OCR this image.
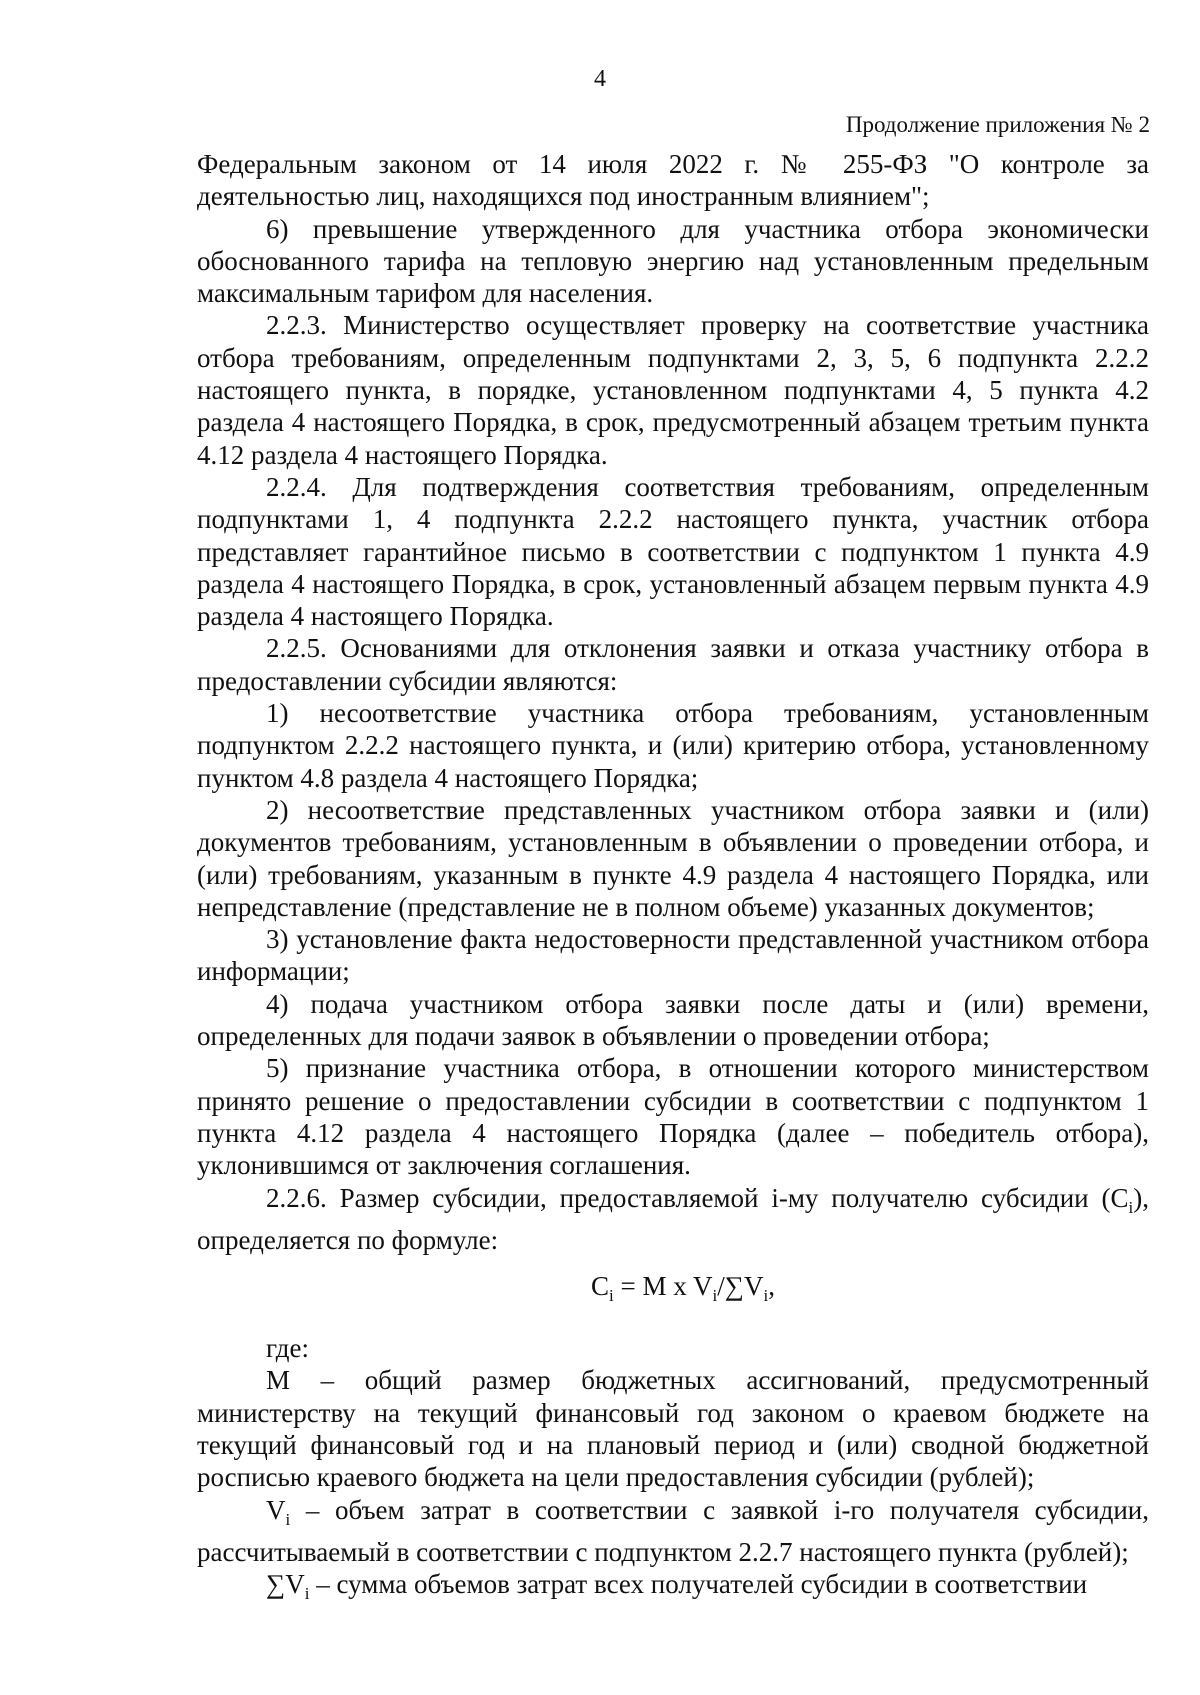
4
Продолжение приложения № 2

Федеральным законом от 14 июля 2022 г. № 255-ФЗ "О контроле за деятельностью лиц, находящихся под иностранным влиянием";

6) превышение утвержденного для участника отбора экономически обоснованного тарифа на тепловую энергию над установленным предельным максимальным тарифом для населения.

2.2.3. Министерство осуществляет проверку на соответствие участника отбора требованиям, определенным подпунктами 2, 3, 5, 6 подпункта 2.2.2 настоящего пункта, в порядке, установленном подпунктами 4, 5 пункта 4.2 раздела 4 настоящего Порядка, в срок, предусмотренный абзацем третьим пункта 4.12 раздела 4 настоящего Порядка.

2.2.4. Для подтверждения соответствия требованиям, определенным подпунктами 1, 4 подпункта 2.2.2 настоящего пункта, участник отбора представляет гарантийное письмо в соответствии с подпунктом 1 пункта 4.9 раздела 4 настоящего Порядка, в срок, установленный абзацем первым пункта 4.9 раздела 4 настоящего Порядка.

2.2.5. Основаниями для отклонения заявки и отказа участнику отбора в предоставлении субсидии являются:

1) несоответствие участника отбора требованиям, установленным подпунктом 2.2.2 настоящего пункта, и (или) критерию отбора, установленному пунктом 4.8 раздела 4 настоящего Порядка;

2) несоответствие представленных участником отбора заявки и (или) документов требованиям, установленным в объявлении о проведении отбора, и (или) требованиям, указанным в пункте 4.9 раздела 4 настоящего Порядка, или непредставление (представление не в полном объеме) указанных документов;

3) установление факта недостоверности представленной участником отбора информации;

4) подача участником отбора заявки после даты и (или) времени, определенных для подачи заявок в объявлении о проведении отбора;

5) признание участника отбора, в отношении которого министерством принято решение о предоставлении субсидии в соответствии с подпунктом 1 пункта 4.12 раздела 4 настоящего Порядка (далее – победитель отбора), уклонившимся от заключения соглашения.

2.2.6. Размер субсидии, предоставляемой i-му получателю субсидии $(С_i)$, определяется по формуле:

$C_i = M$ x $V_i/\sum V_i$,

где:

М – общий размер бюджетных ассигнований, предусмотренный министерству на текущий финансовый год законом о краевом бюджете на текущий финансовый год и на плановый период и (или) сводной бюджетной росписью краевого бюджета на цели предоставления субсидии (рублей);

$V_i$ – объем затрат в соответствии с заявкой i-го получателя субсидии, рассчитываемый в соответствии с подпунктом 2.2.7 настоящего пункта (рублей);

$\sum V_i$ – сумма объемов затрат всех получателей субсидии в соответствии
